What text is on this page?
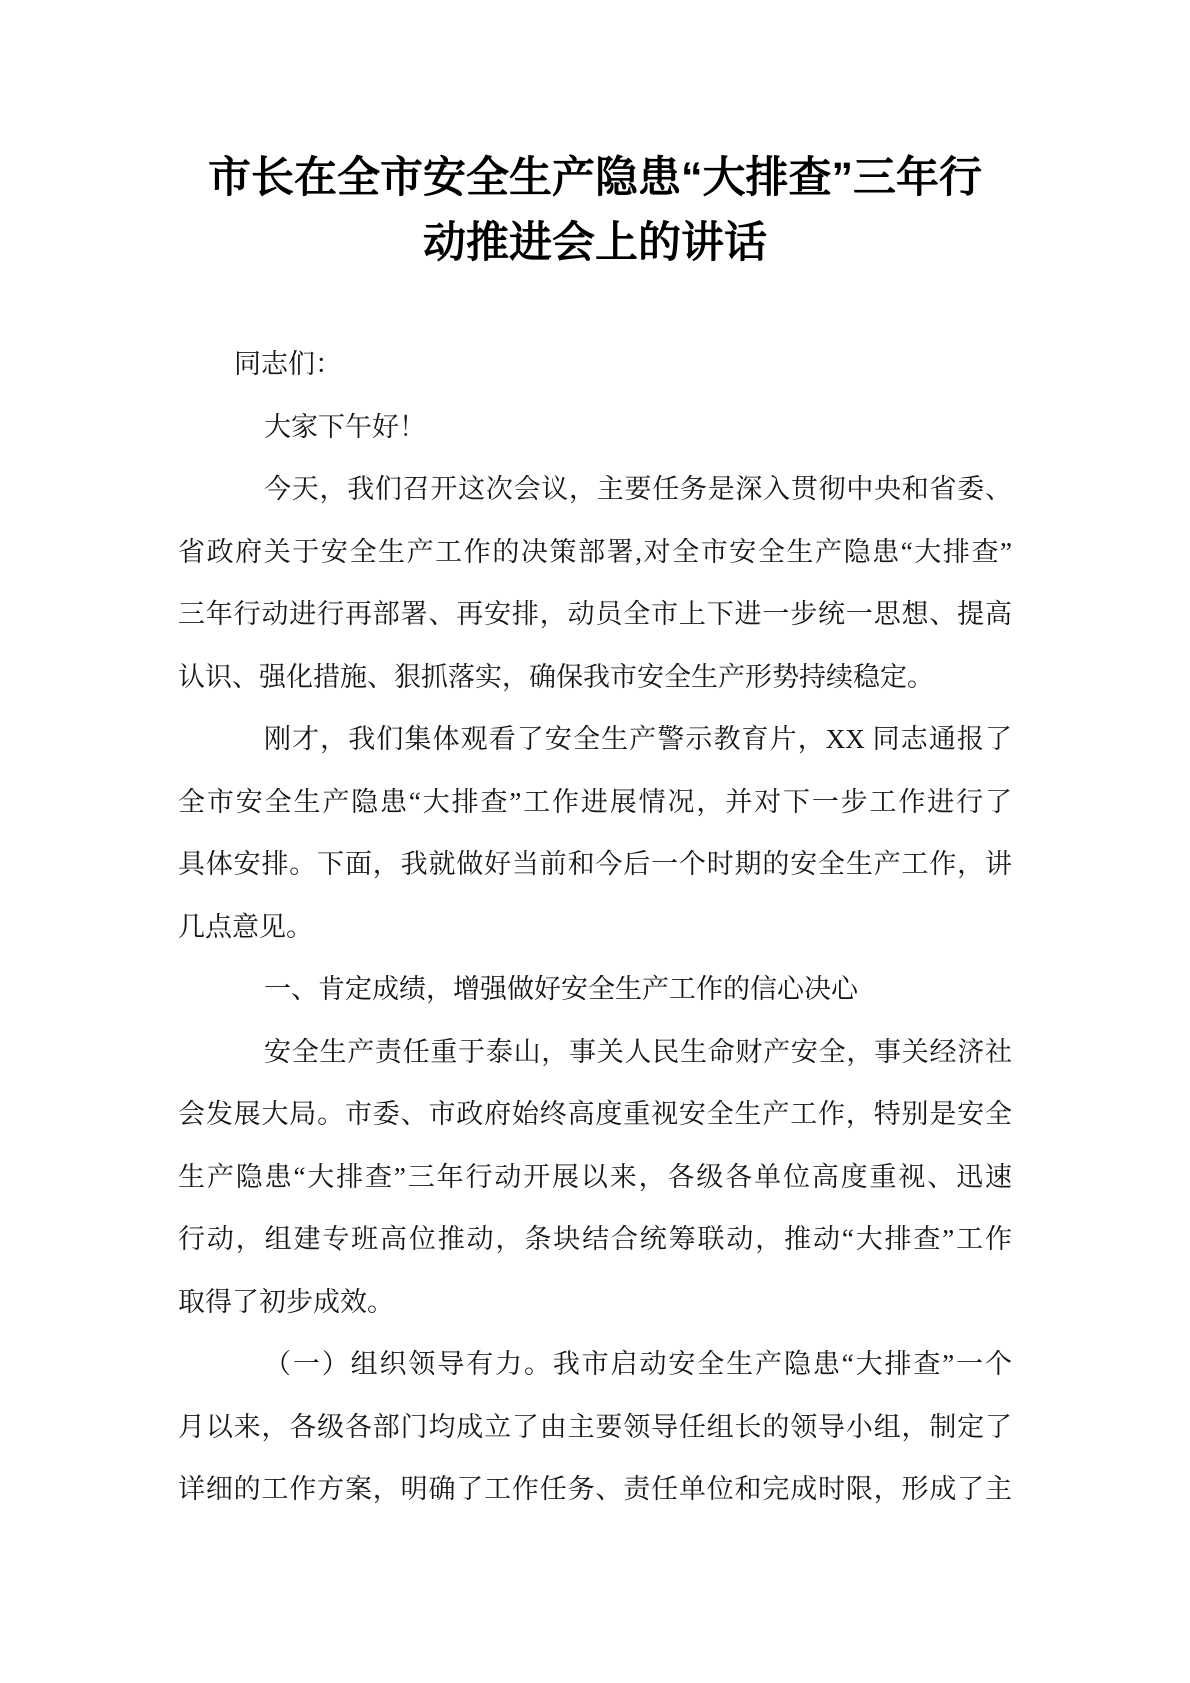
市长在全市安全生产隐患“大排查”三年行
动推进会上的讲话
同志们：
大家下午好！
今天，我们召开这次会议，主要任务是深入贯彻中央和省委、
省政府关于安全生产工作的决策部署,对全市安全生产隐患“大排查”
三年行动进行再部署、再安排，动员全市上下进一步统一思想、提高
认识、强化措施、狠抓落实，确保我市安全生产形势持续稳定。
刚才，我们集体观看了安全生产警示教育片，XX 同志通报了
全市安全生产隐患“大排查”工作进展情况，并对下一步工作进行了
具体安排。下面，我就做好当前和今后一个时期的安全生产工作，讲
几点意见。
一、肯定成绩，增强做好安全生产工作的信心决心
安全生产责任重于泰山，事关人民生命财产安全，事关经济社
会发展大局。市委、市政府始终高度重视安全生产工作，特别是安全
生产隐患“大排查”三年行动开展以来，各级各单位高度重视、迅速
行动，组建专班高位推动，条块结合统筹联动，推动“大排查”工作
取得了初步成效。
（一）组织领导有力。我市启动安全生产隐患“大排查”一个
月以来，各级各部门均成立了由主要领导任组长的领导小组，制定了
详细的工作方案，明确了工作任务、责任单位和完成时限，形成了主
